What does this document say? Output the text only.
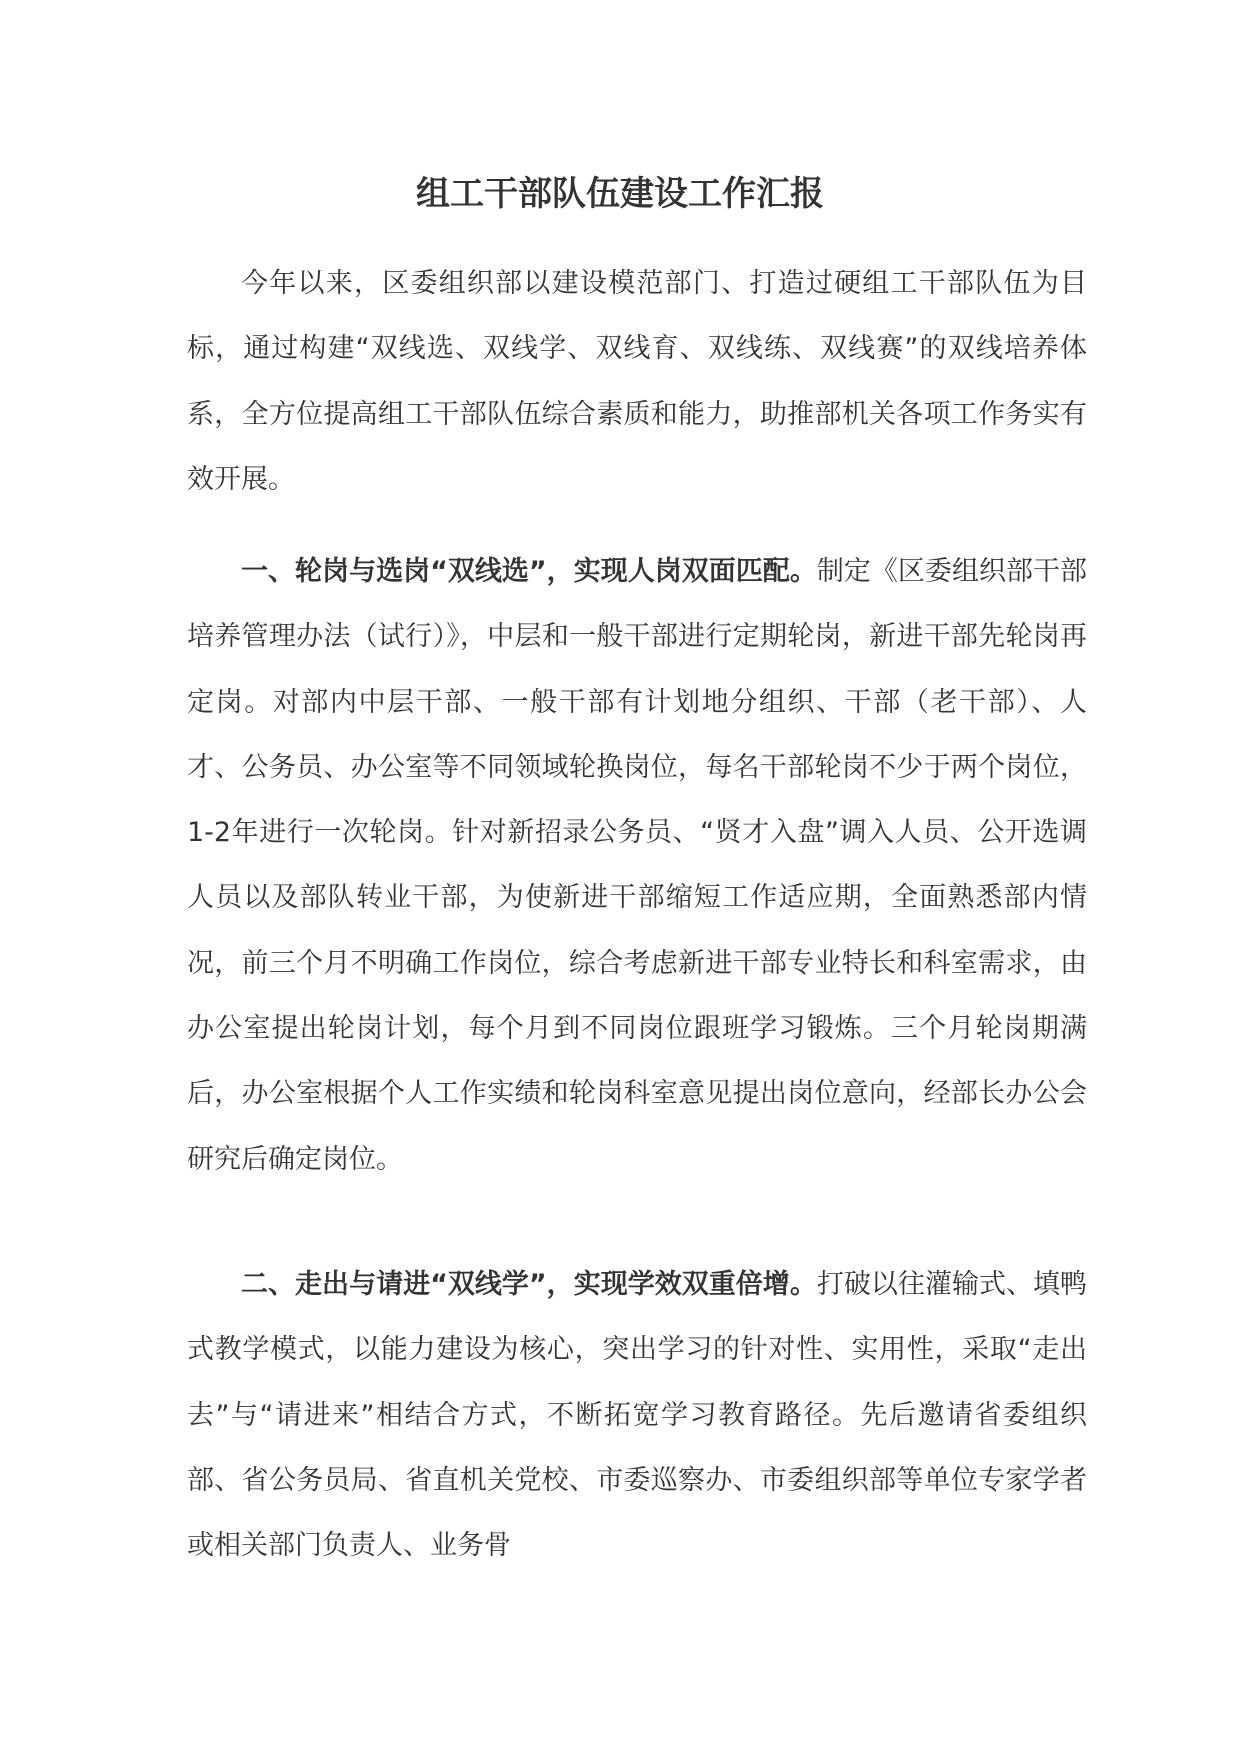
组工干部队伍建设工作汇报
今年以来，区委组织部以建设模范部门、打造过硬组工干部队伍为目标，通过构建“双线选、双线学、双线育、双线练、双线赛”的双线培养体系，全方位提高组工干部队伍综合素质和能力，助推部机关各项工作务实有效开展。
一、轮岗与选岗“双线选”，实现人岗双面匹配。制定《区委组织部干部培养管理办法（试行）》，中层和一般干部进行定期轮岗，新进干部先轮岗再定岗。对部内中层干部、一般干部有计划地分组织、干部（老干部）、人才、公务员、办公室等不同领域轮换岗位，每名干部轮岗不少于两个岗位，1-2年进行一次轮岗。针对新招录公务员、“贤才入盘”调入人员、公开选调人员以及部队转业干部，为使新进干部缩短工作适应期，全面熟悉部内情况，前三个月不明确工作岗位，综合考虑新进干部专业特长和科室需求，由办公室提出轮岗计划，每个月到不同岗位跟班学习锻炼。三个月轮岗期满后，办公室根据个人工作实绩和轮岗科室意见提出岗位意向，经部长办公会研究后确定岗位。
二、走出与请进“双线学”，实现学效双重倍增。打破以往灌输式、填鸭式教学模式，以能力建设为核心，突出学习的针对性、实用性，采取“走出去”与“请进来”相结合方式，不断拓宽学习教育路径。先后邀请省委组织部、省公务员局、省直机关党校、市委巡察办、市委组织部等单位专家学者或相关部门负责人、业务骨
